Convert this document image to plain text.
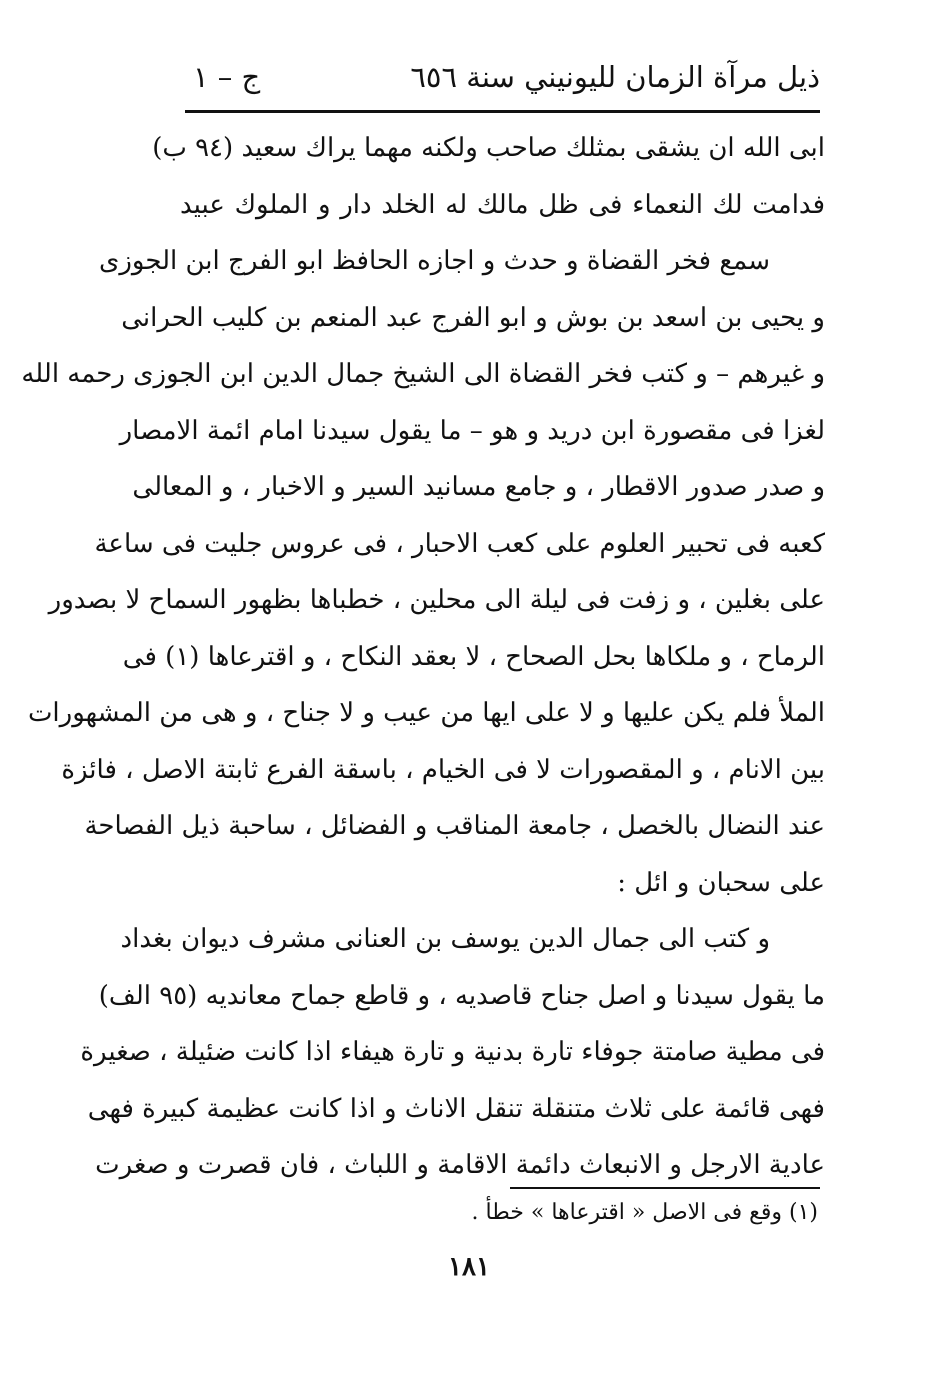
ذيل مرآة الزمان لليونيني سنة ٦٥٦
ج – ١
ابى الله ان يشقى بمثلك صاحب ولكنه مهما يراك سعيد (٩٤ ب)
فدامت لك النعماء فى ظل مالك له الخلد دار و الملوك عبيد
سمع فخر القضاة و حدث و اجازه الحافظ ابو الفرج ابن الجوزى
و يحيى بن اسعد بن بوش و ابو الفرج عبد المنعم بن كليب الحرانى
و غيرهم – و كتب فخر القضاة الى الشيخ جمال الدين ابن الجوزى رحمه الله
لغزا فى مقصورة ابن دريد و هو – ما يقول سيدنا امام ائمة الامصار
و صدر صدور الاقطار ، و جامع مسانيد السير و الاخبار ، و المعالى
كعبه فى تحبير العلوم على كعب الاحبار ، فى عروس جليت فى ساعة
على بغلين ، و زفت فى ليلة الى محلين ، خطباها بظهور السماح لا بصدور
الرماح ، و ملكاها بحل الصحاح ، لا بعقد النكاح ، و اقترعاها (١) فى
الملأ فلم يكن عليها و لا على ايها من عيب و لا جناح ، و هى من المشهورات
بين الانام ، و المقصورات لا فى الخيام ، باسقة الفرع ثابتة الاصل ، فائزة
عند النضال بالخصل ، جامعة المناقب و الفضائل ، ساحبة ذيل الفصاحة
على سحبان و ائل :
و كتب الى جمال الدين يوسف بن العنانى مشرف ديوان بغداد
ما يقول سيدنا و اصل جناح قاصديه ، و قاطع جماح معانديه (٩٥ الف)
فى مطية صامتة جوفاء تارة بدنية و تارة هيفاء اذا كانت ضئيلة ، صغيرة
فهى قائمة على ثلاث متنقلة تنقل الاناث و اذا كانت عظيمة كبيرة فهى
عادية الارجل و الانبعاث دائمة الاقامة و اللباث ، فان قصرت و صغرت
(١) وقع فى الاصل « اقترعاها » خطأ .
١٨١
